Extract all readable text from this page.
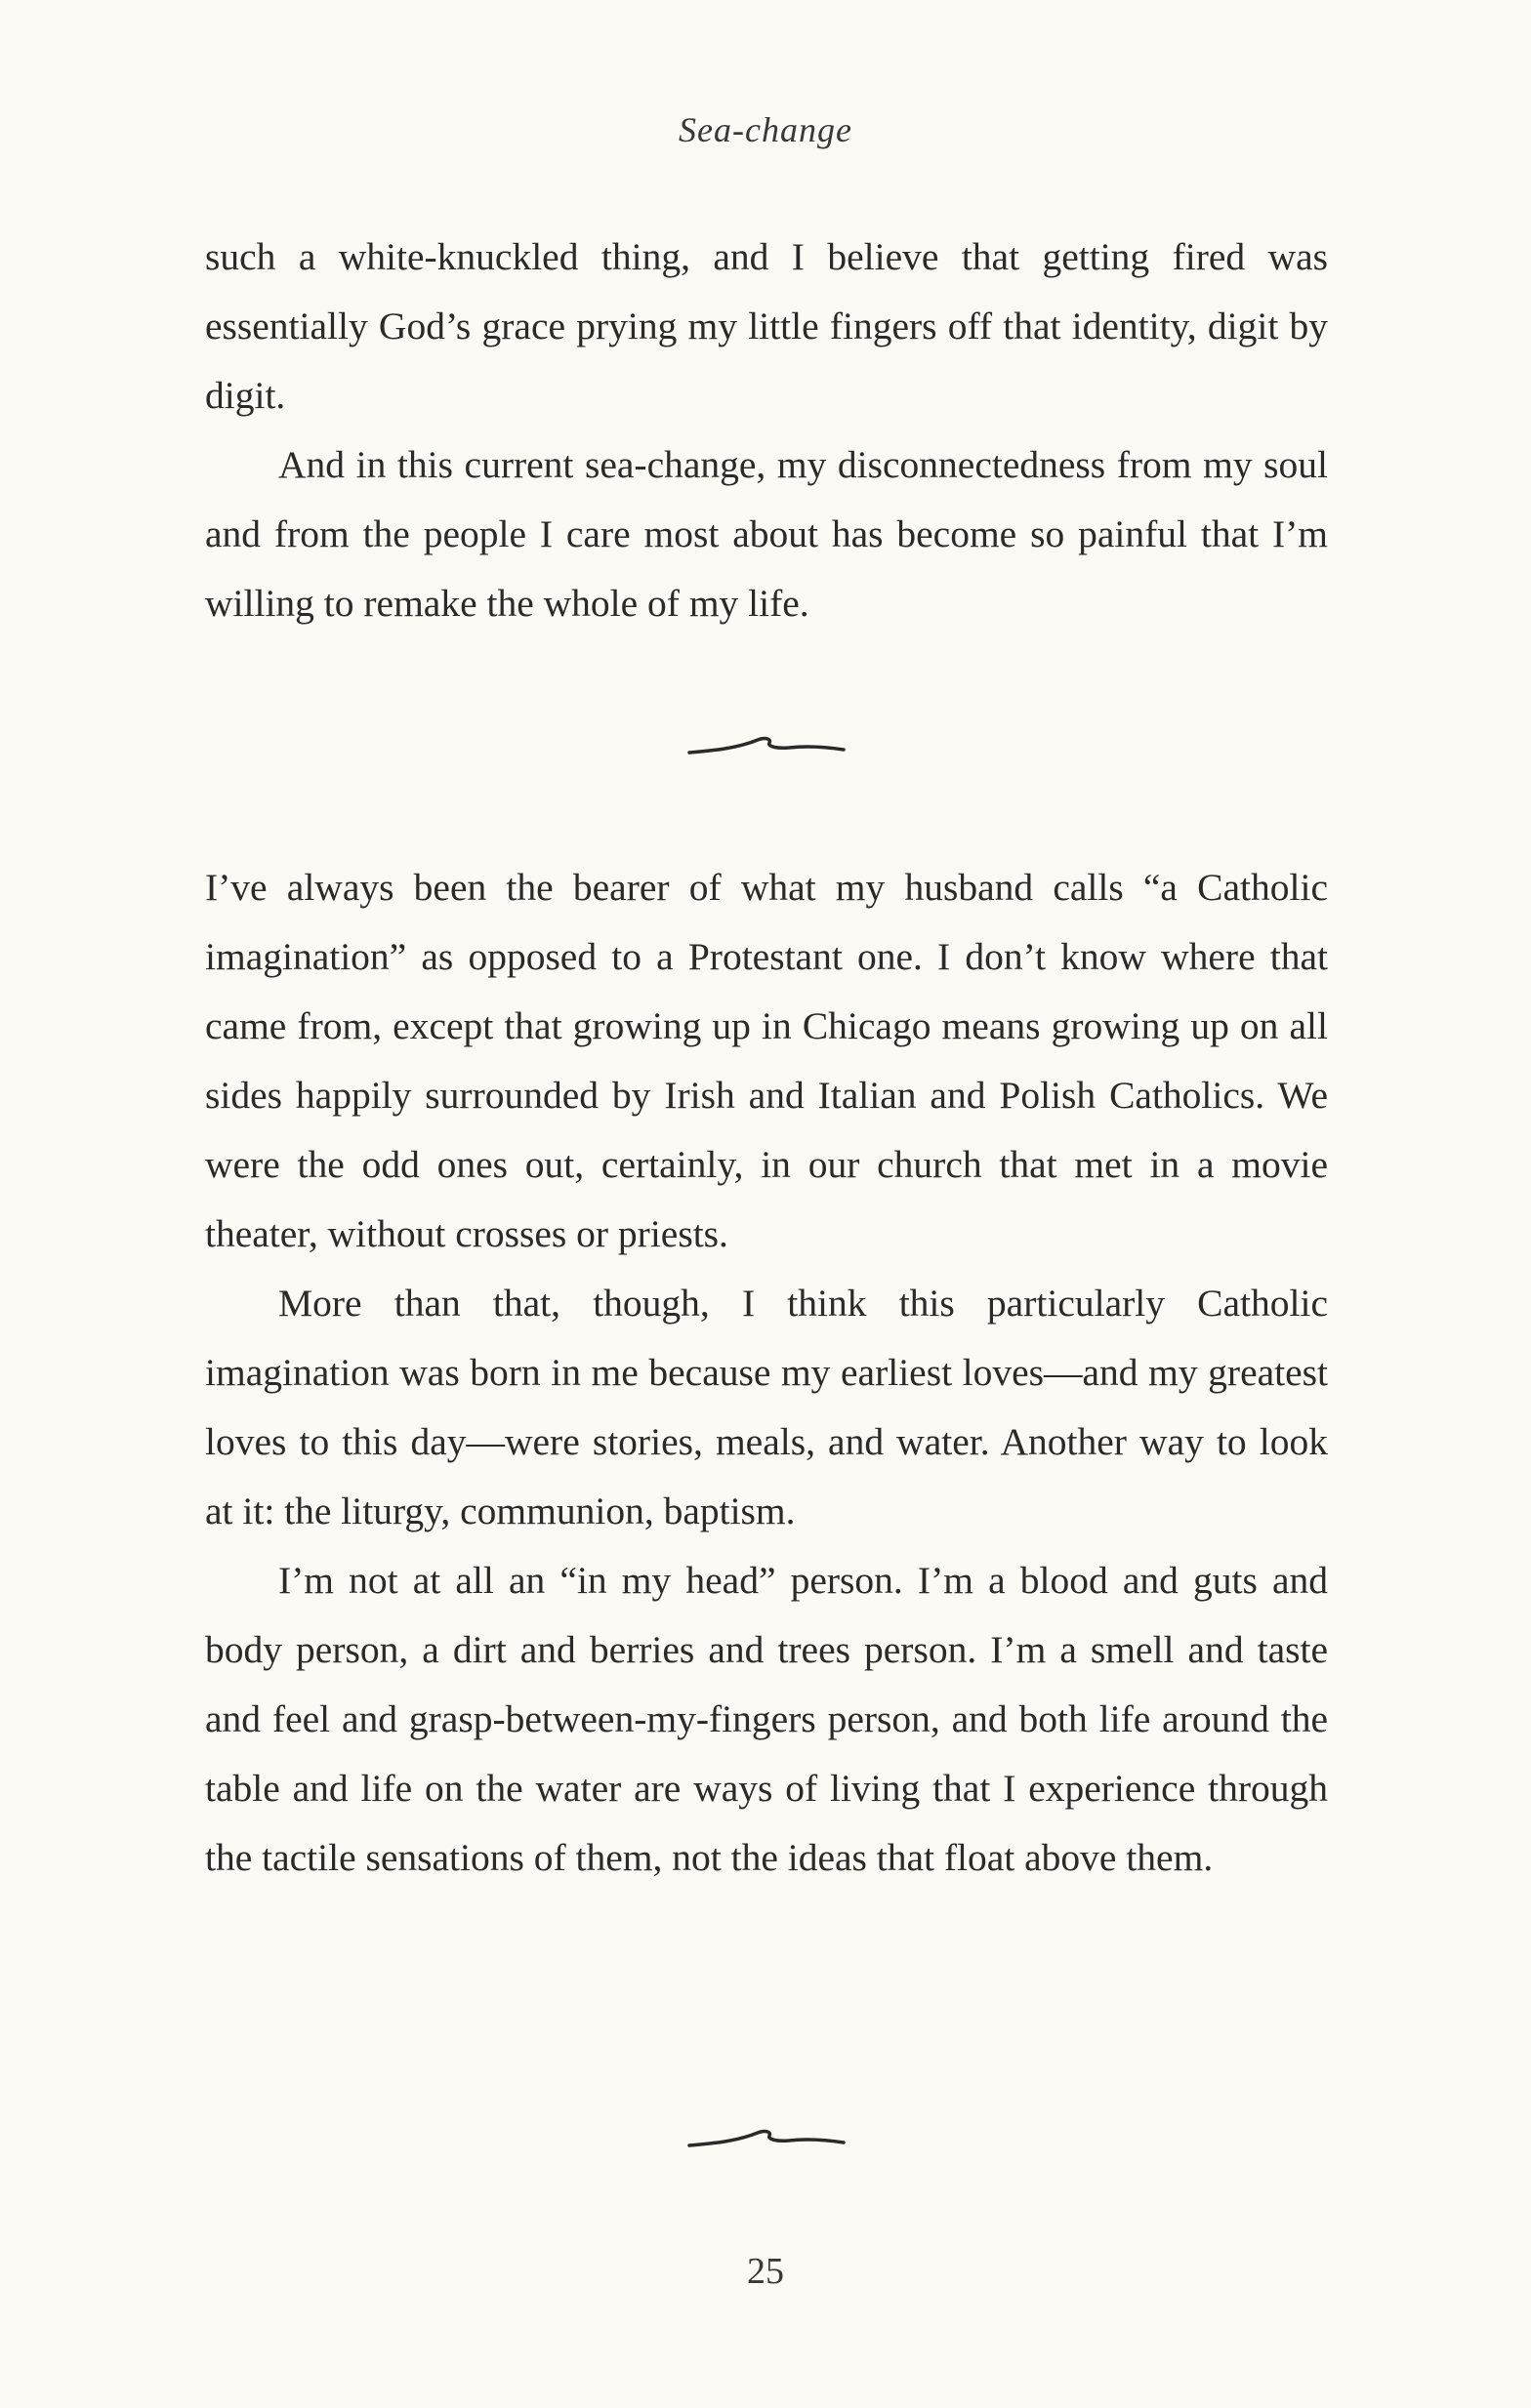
Sea-change

such a white-knuckled thing, and I believe that getting fired was essentially God’s grace prying my little fingers off that identity, digit by digit.

And in this current sea-change, my disconnectedness from my soul and from the people I care most about has become so painful that I’m willing to remake the whole of my life.

I’ve always been the bearer of what my husband calls “a Catholic imagination” as opposed to a Protestant one. I don’t know where that came from, except that growing up in Chicago means growing up on all sides happily surrounded by Irish and Italian and Polish Catholics. We were the odd ones out, certainly, in our church that met in a movie theater, without crosses or priests.

More than that, though, I think this particularly Catholic imagination was born in me because my earliest loves—and my greatest loves to this day—were stories, meals, and water. Another way to look at it: the liturgy, communion, baptism.

I’m not at all an “in my head” person. I’m a blood and guts and body person, a dirt and berries and trees person. I’m a smell and taste and feel and grasp-between-my-fingers person, and both life around the table and life on the water are ways of living that I experience through the tactile sensations of them, not the ideas that float above them.

25
